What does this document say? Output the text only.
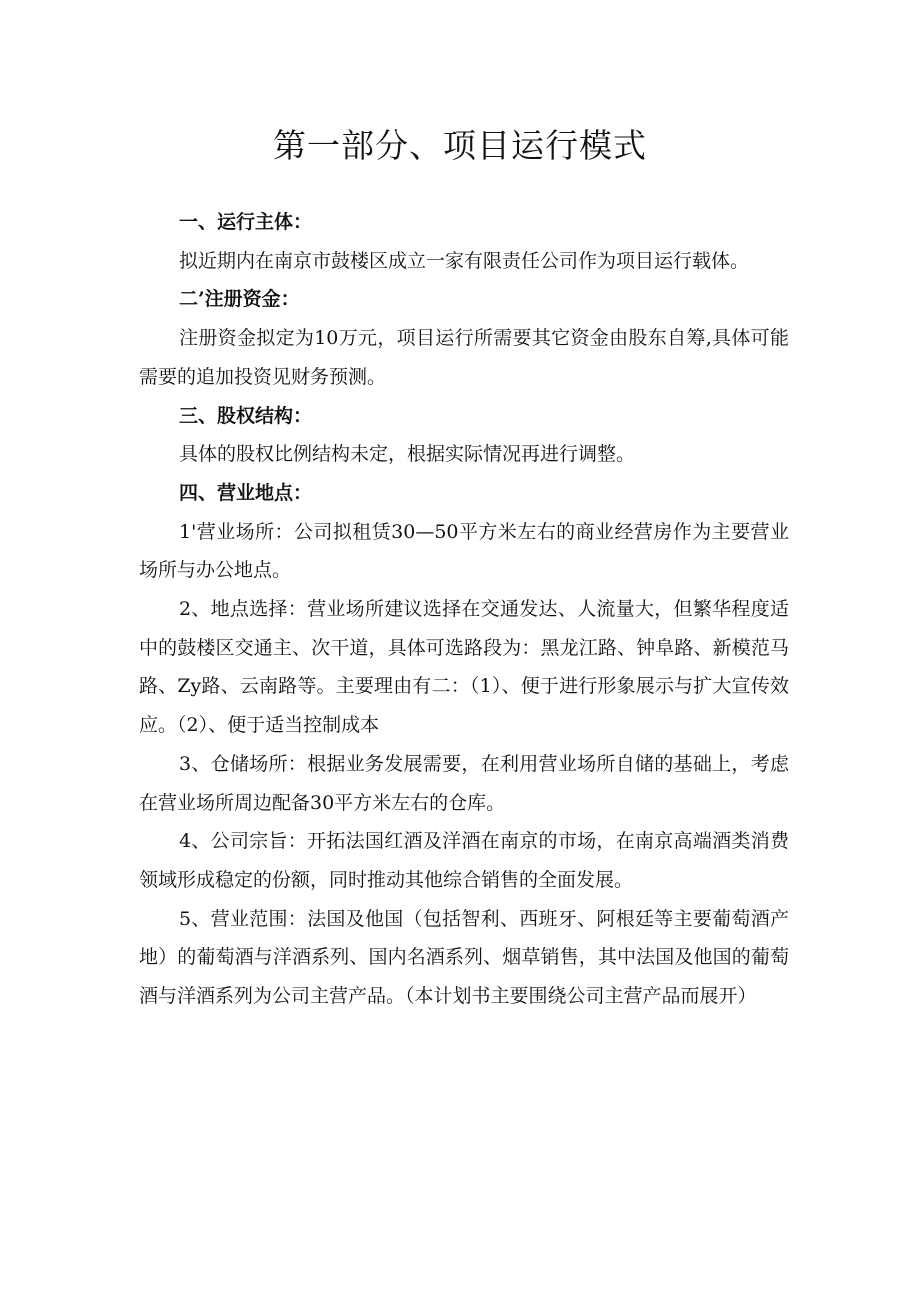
第一部分、项目运行模式

一、运行主体：

拟近期内在南京市鼓楼区成立一家有限责任公司作为项目运行载体。

二’注册资金：

注册资金拟定为10万元，项目运行所需要其它资金由股东自筹,具体可能需要的追加投资见财务预测。

三、股权结构：

具体的股权比例结构未定，根据实际情况再进行调整。

四、营业地点：

1'营业场所：公司拟租赁30—50平方米左右的商业经营房作为主要营业场所与办公地点。

2、地点选择：营业场所建议选择在交通发达、人流量大，但繁华程度适中的鼓楼区交通主、次干道，具体可选路段为：黑龙江路、钟阜路、新模范马路、Zy路、云南路等。主要理由有二：（1）、便于进行形象展示与扩大宣传效应。（2）、便于适当控制成本

3、仓储场所：根据业务发展需要，在利用营业场所自储的基础上，考虑在营业场所周边配备30平方米左右的仓库。

4、公司宗旨：开拓法国红酒及洋酒在南京的市场，在南京高端酒类消费领域形成稳定的份额，同时推动其他综合销售的全面发展。

5、营业范围：法国及他国（包括智利、西班牙、阿根廷等主要葡萄酒产地）的葡萄酒与洋酒系列、国内名酒系列、烟草销售，其中法国及他国的葡萄酒与洋酒系列为公司主营产品。（本计划书主要围绕公司主营产品而展开）
